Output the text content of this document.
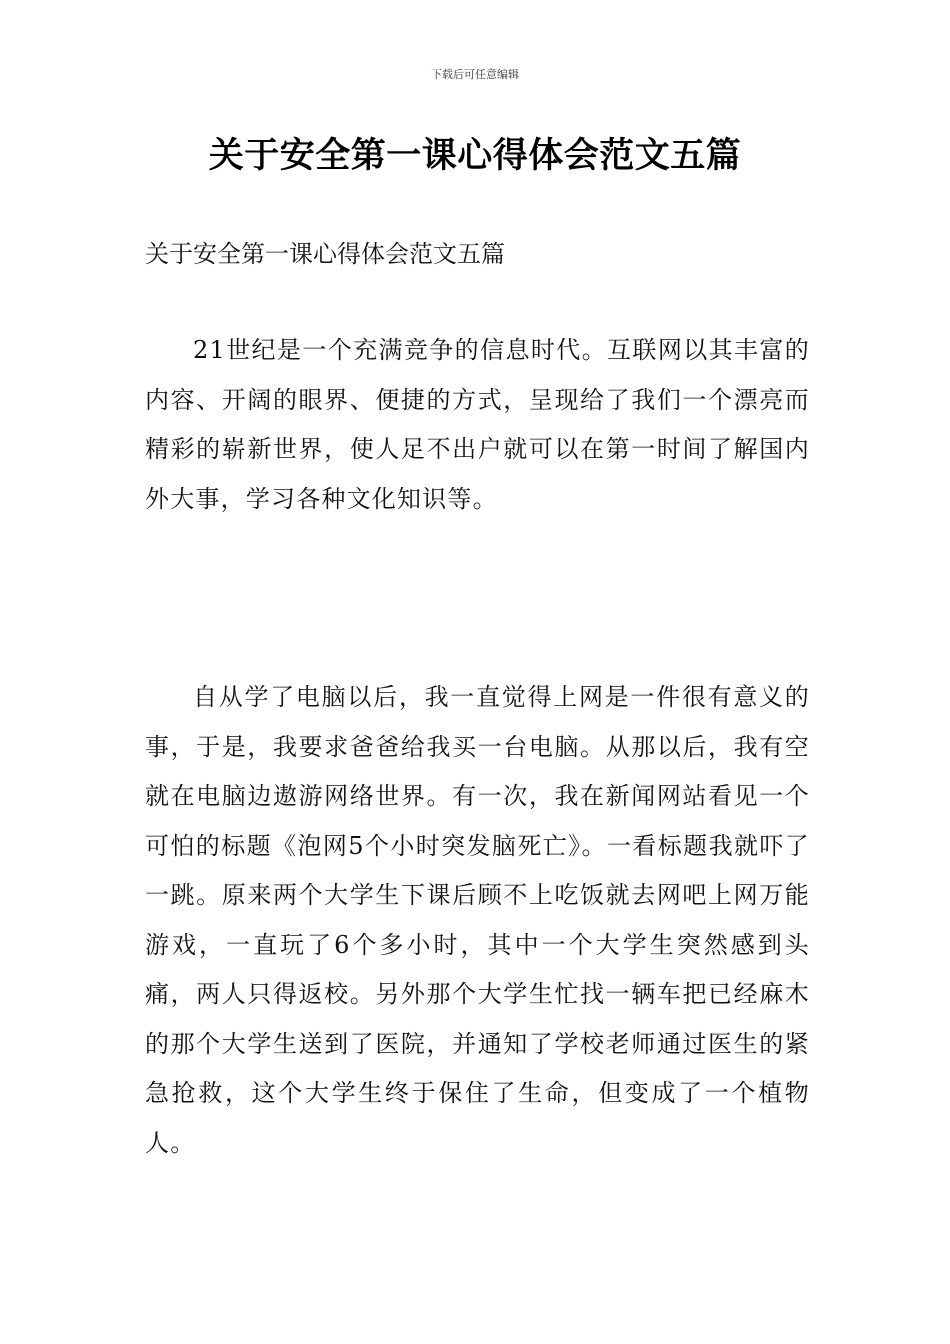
下载后可任意编辑
关于安全第一课心得体会范文五篇
关于安全第一课心得体会范文五篇

21世纪是一个充满竞争的信息时代。互联网以其丰富的内容、开阔的眼界、便捷的方式，呈现给了我们一个漂亮而精彩的崭新世界，使人足不出户就可以在第一时间了解国内外大事，学习各种文化知识等。

自从学了电脑以后，我一直觉得上网是一件很有意义的事，于是，我要求爸爸给我买一台电脑。从那以后，我有空就在电脑边遨游网络世界。有一次，我在新闻网站看见一个可怕的标题《泡网5个小时突发脑死亡》。一看标题我就吓了一跳。原来两个大学生下课后顾不上吃饭就去网吧上网万能游戏，一直玩了6个多小时，其中一个大学生突然感到头痛，两人只得返校。另外那个大学生忙找一辆车把已经麻木的那个大学生送到了医院，并通知了学校老师通过医生的紧急抢救，这个大学生终于保住了生命，但变成了一个植物人。
